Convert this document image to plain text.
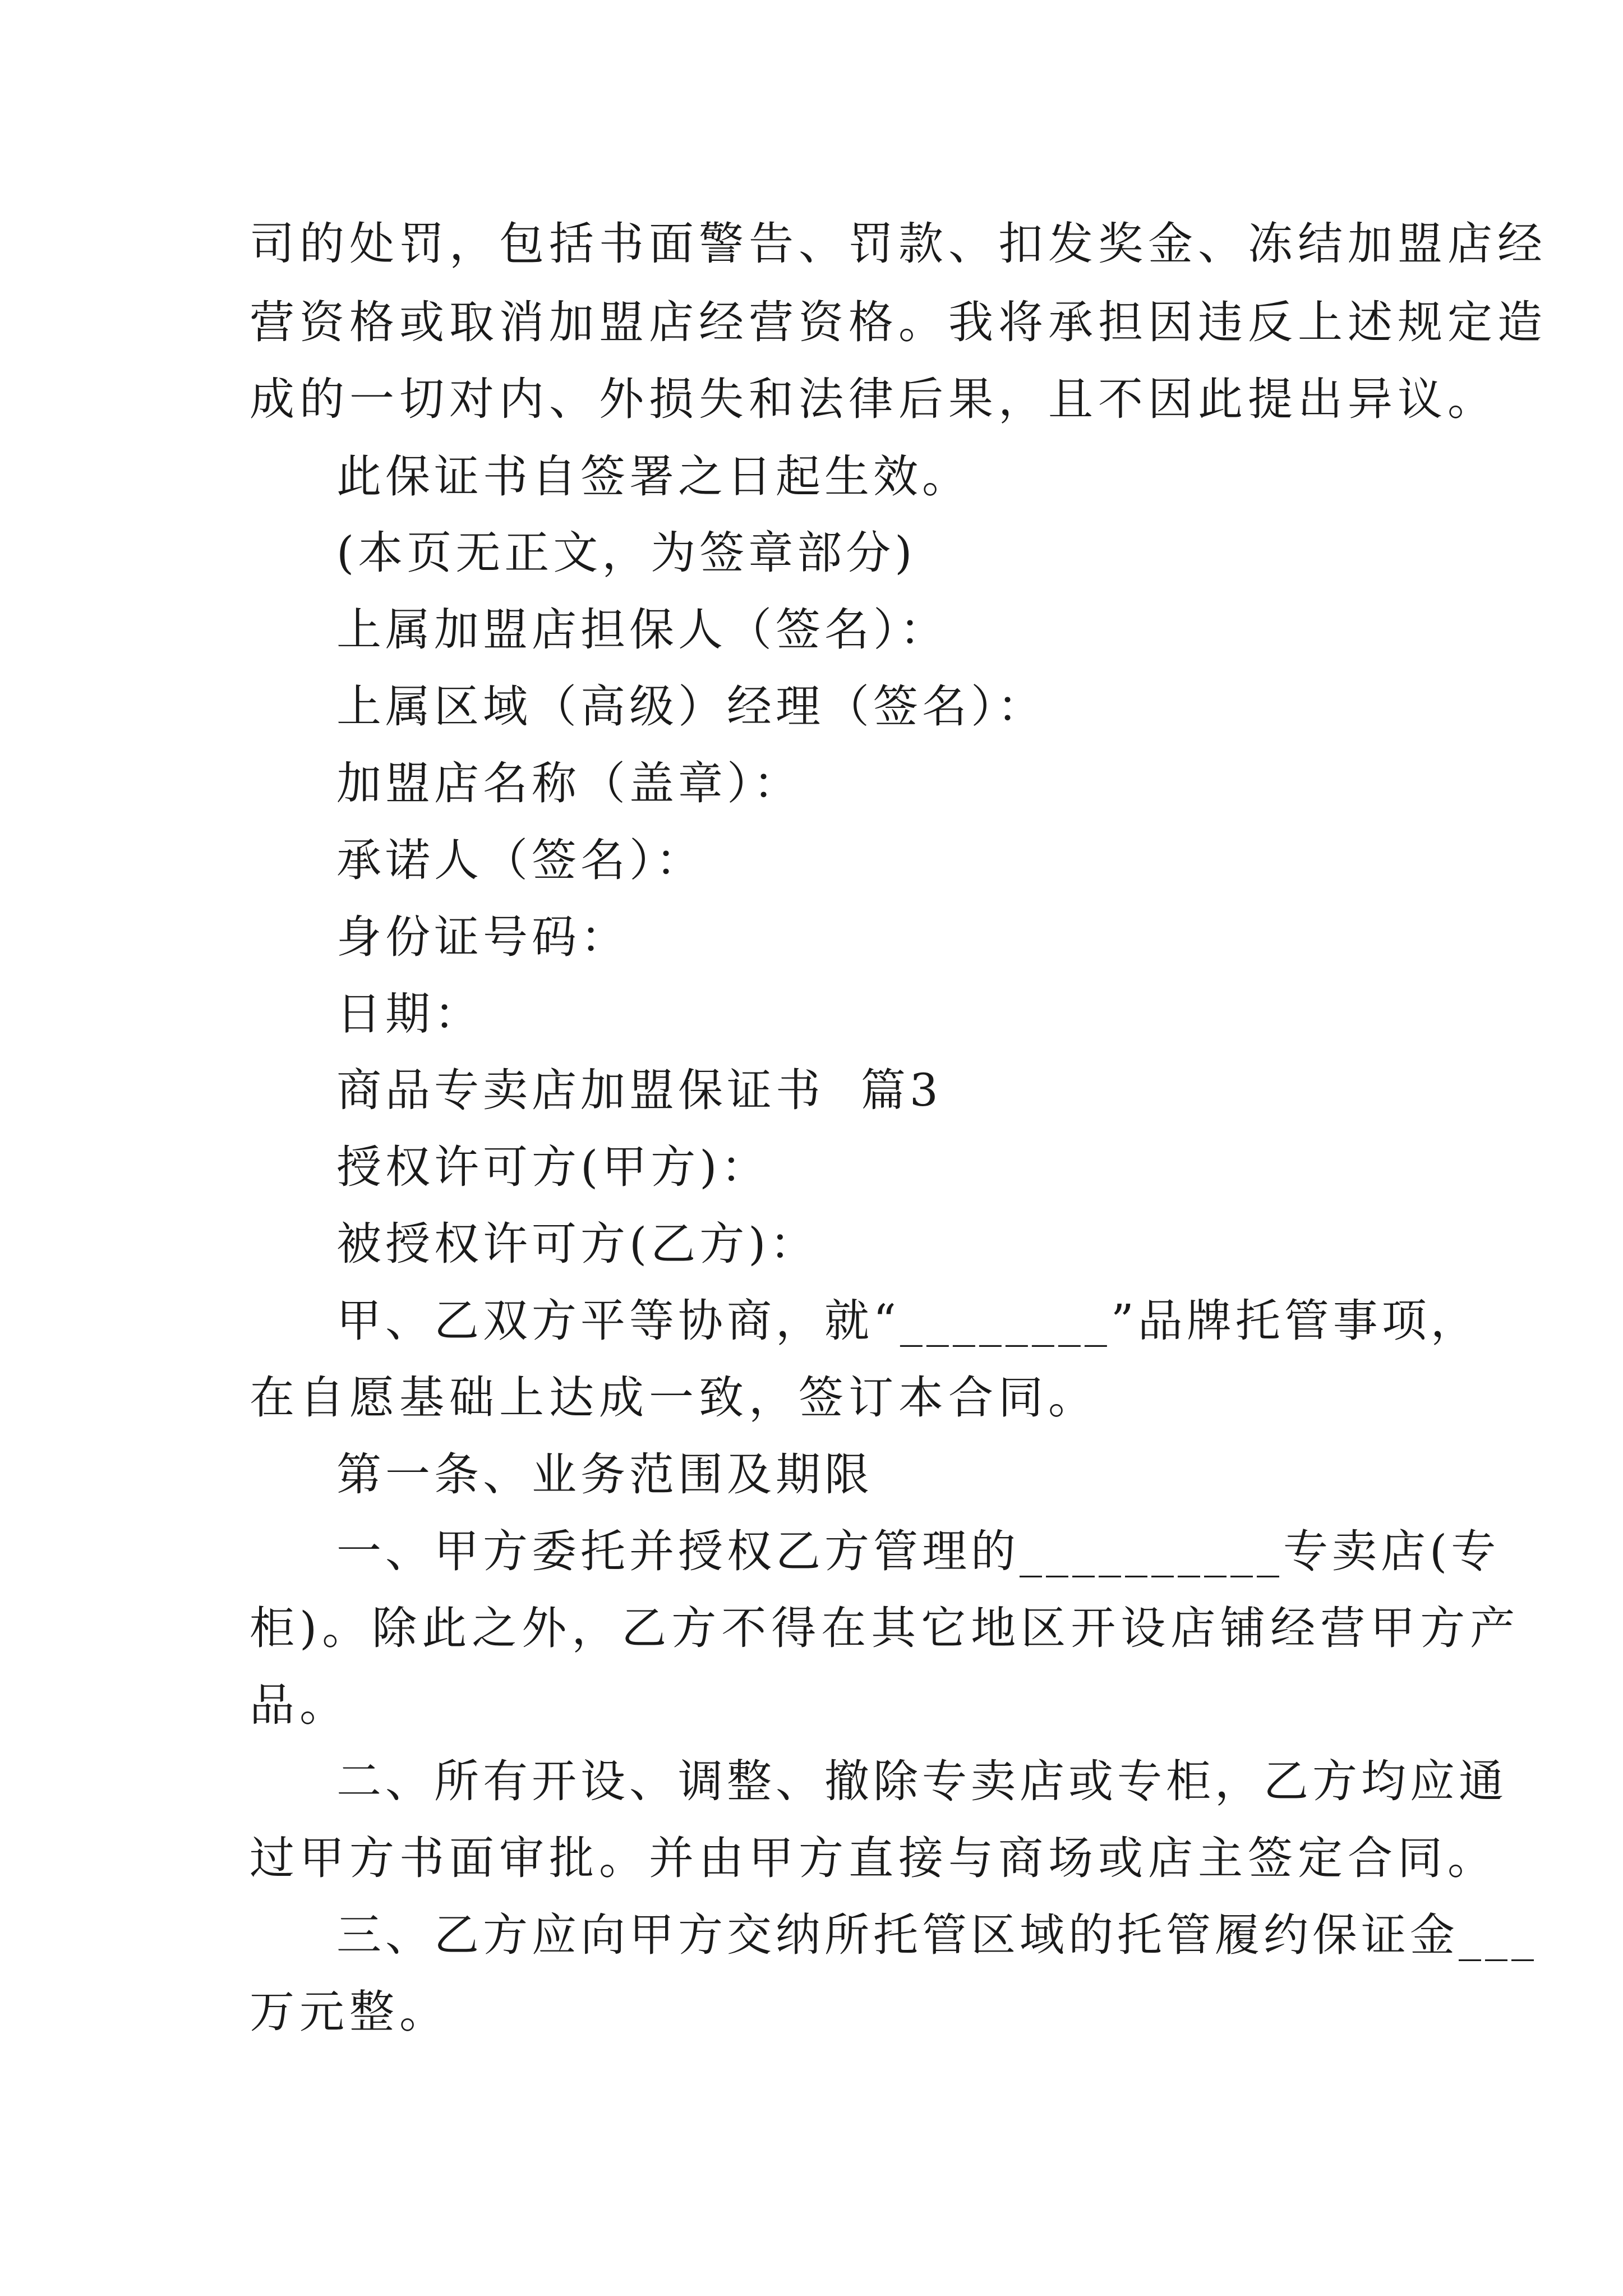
司的处罚，包括书面警告、罚款、扣发奖金、冻结加盟店经
营资格或取消加盟店经营资格。我将承担因违反上述规定造
成的一切对内、外损失和法律后果，且不因此提出异议。
此保证书自签署之日起生效。
(本页无正文，为签章部分)
上属加盟店担保人（签名）：
上属区域（高级）经理（签名）：
加盟店名称（盖章）：
承诺人（签名）：
身份证号码：
日期：
商品专卖店加盟保证书  篇3
授权许可方(甲方)：
被授权许可方(乙方)：
甲、乙双方平等协商，就“________”品牌托管事项，
在自愿基础上达成一致，签订本合同。
第一条、业务范围及期限
一、甲方委托并授权乙方管理的__________专卖店(专
柜)。除此之外，乙方不得在其它地区开设店铺经营甲方产
品。
二、所有开设、调整、撤除专卖店或专柜，乙方均应通
过甲方书面审批。并由甲方直接与商场或店主签定合同。
三、乙方应向甲方交纳所托管区域的托管履约保证金___
万元整。
